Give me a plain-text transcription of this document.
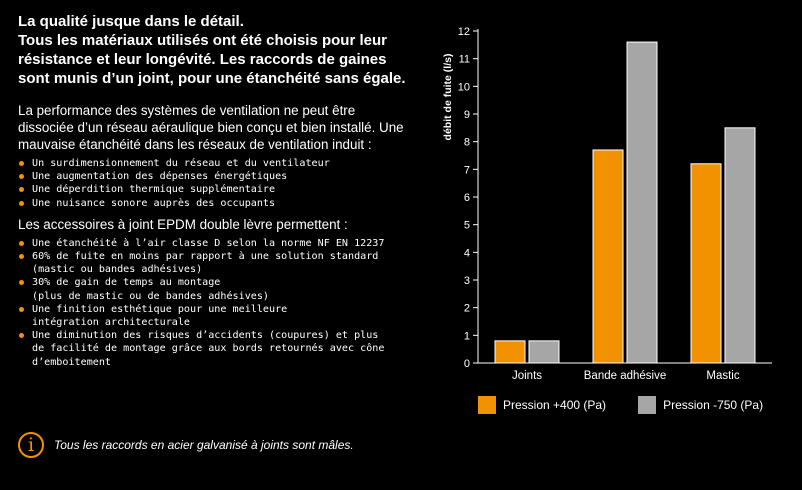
La qualité jusque dans le détail.
Tous les matériaux utilisés ont été choisis pour leur résistance et leur longévité. Les raccords de gaines sont munis d’un joint, pour une étanchéité sans égale.

La performance des systèmes de ventilation ne peut être dissociée d’un réseau aéraulique bien conçu et bien installé. Une mauvaise étanchéité dans les réseaux de ventilation induit :

Un surdimensionnement du réseau et du ventilateur
Une augmentation des dépenses énergétiques
Une déperdition thermique supplémentaire
Une nuisance sonore auprès des occupants

Les accessoires à joint EPDM double lèvre permettent :

Une étanchéité à l’air classe D selon la norme NF EN 12237
60% de fuite en moins par rapport à une solution standard
(mastic ou bandes adhésives)
30% de gain de temps au montage
(plus de mastic ou de bandes adhésives)
Une finition esthétique pour une meilleure
intégration architecturale
Une diminution des risques d’accidents (coupures) et plus
de facilité de montage grâce aux bords retournés avec cône
d’emboitement
i	Tous les raccords en acier galvanisé à joints sont mâles.
0
1
2
3
4
5
6
7
8
9
10
11
12
débit de fuite (l/s)
Joints	Bande adhésive	Mastic
Pression +400 (Pa)	Pression -750 (Pa)
